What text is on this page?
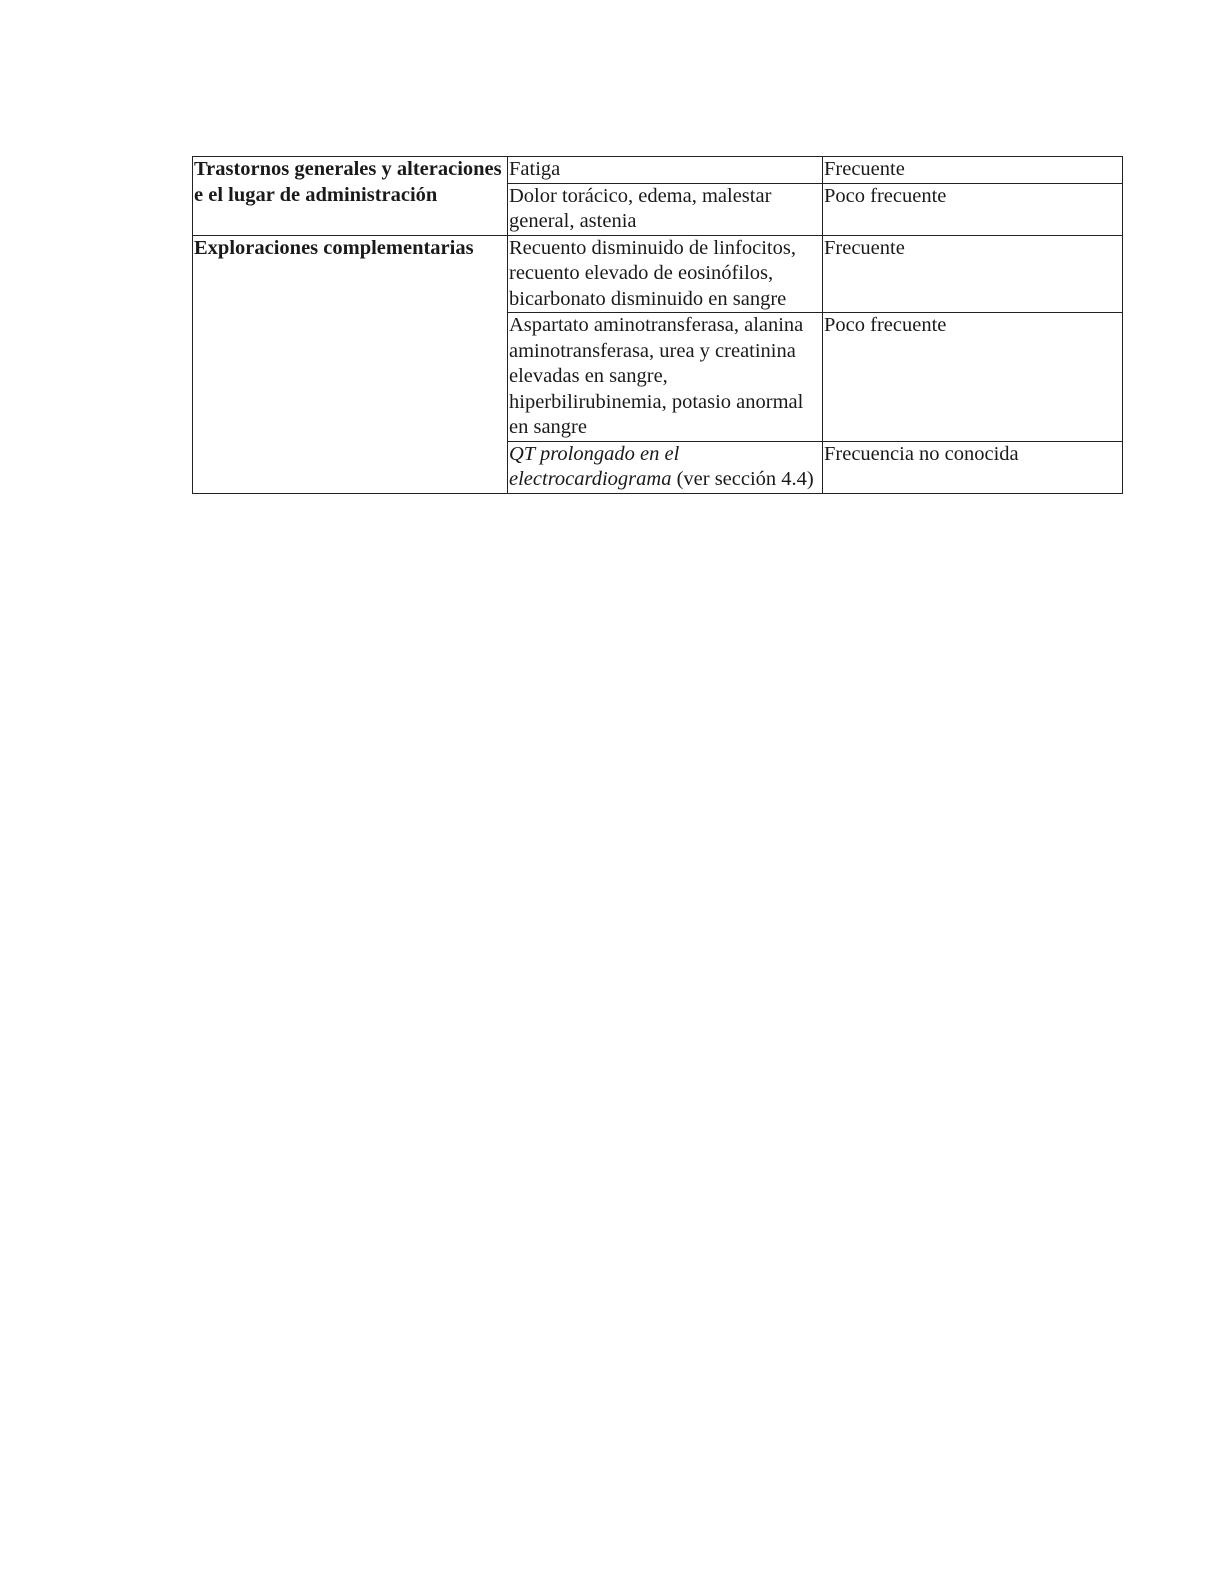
Trastornos generales y alteraciones e el lugar de administración	Fatiga	Frecuente
	Dolor torácico, edema, malestar general, astenia	Poco frecuente
Exploraciones complementarias	Recuento disminuido de linfocitos, recuento elevado de eosinófilos, bicarbonato disminuido en sangre	Frecuente
	Aspartato aminotransferasa, alanina aminotransferasa, urea y creatinina elevadas en sangre, hiperbilirubinemia, potasio anormal en sangre	Poco frecuente
	QT prolongado en el electrocardiograma (ver sección 4.4)	Frecuencia no conocida
